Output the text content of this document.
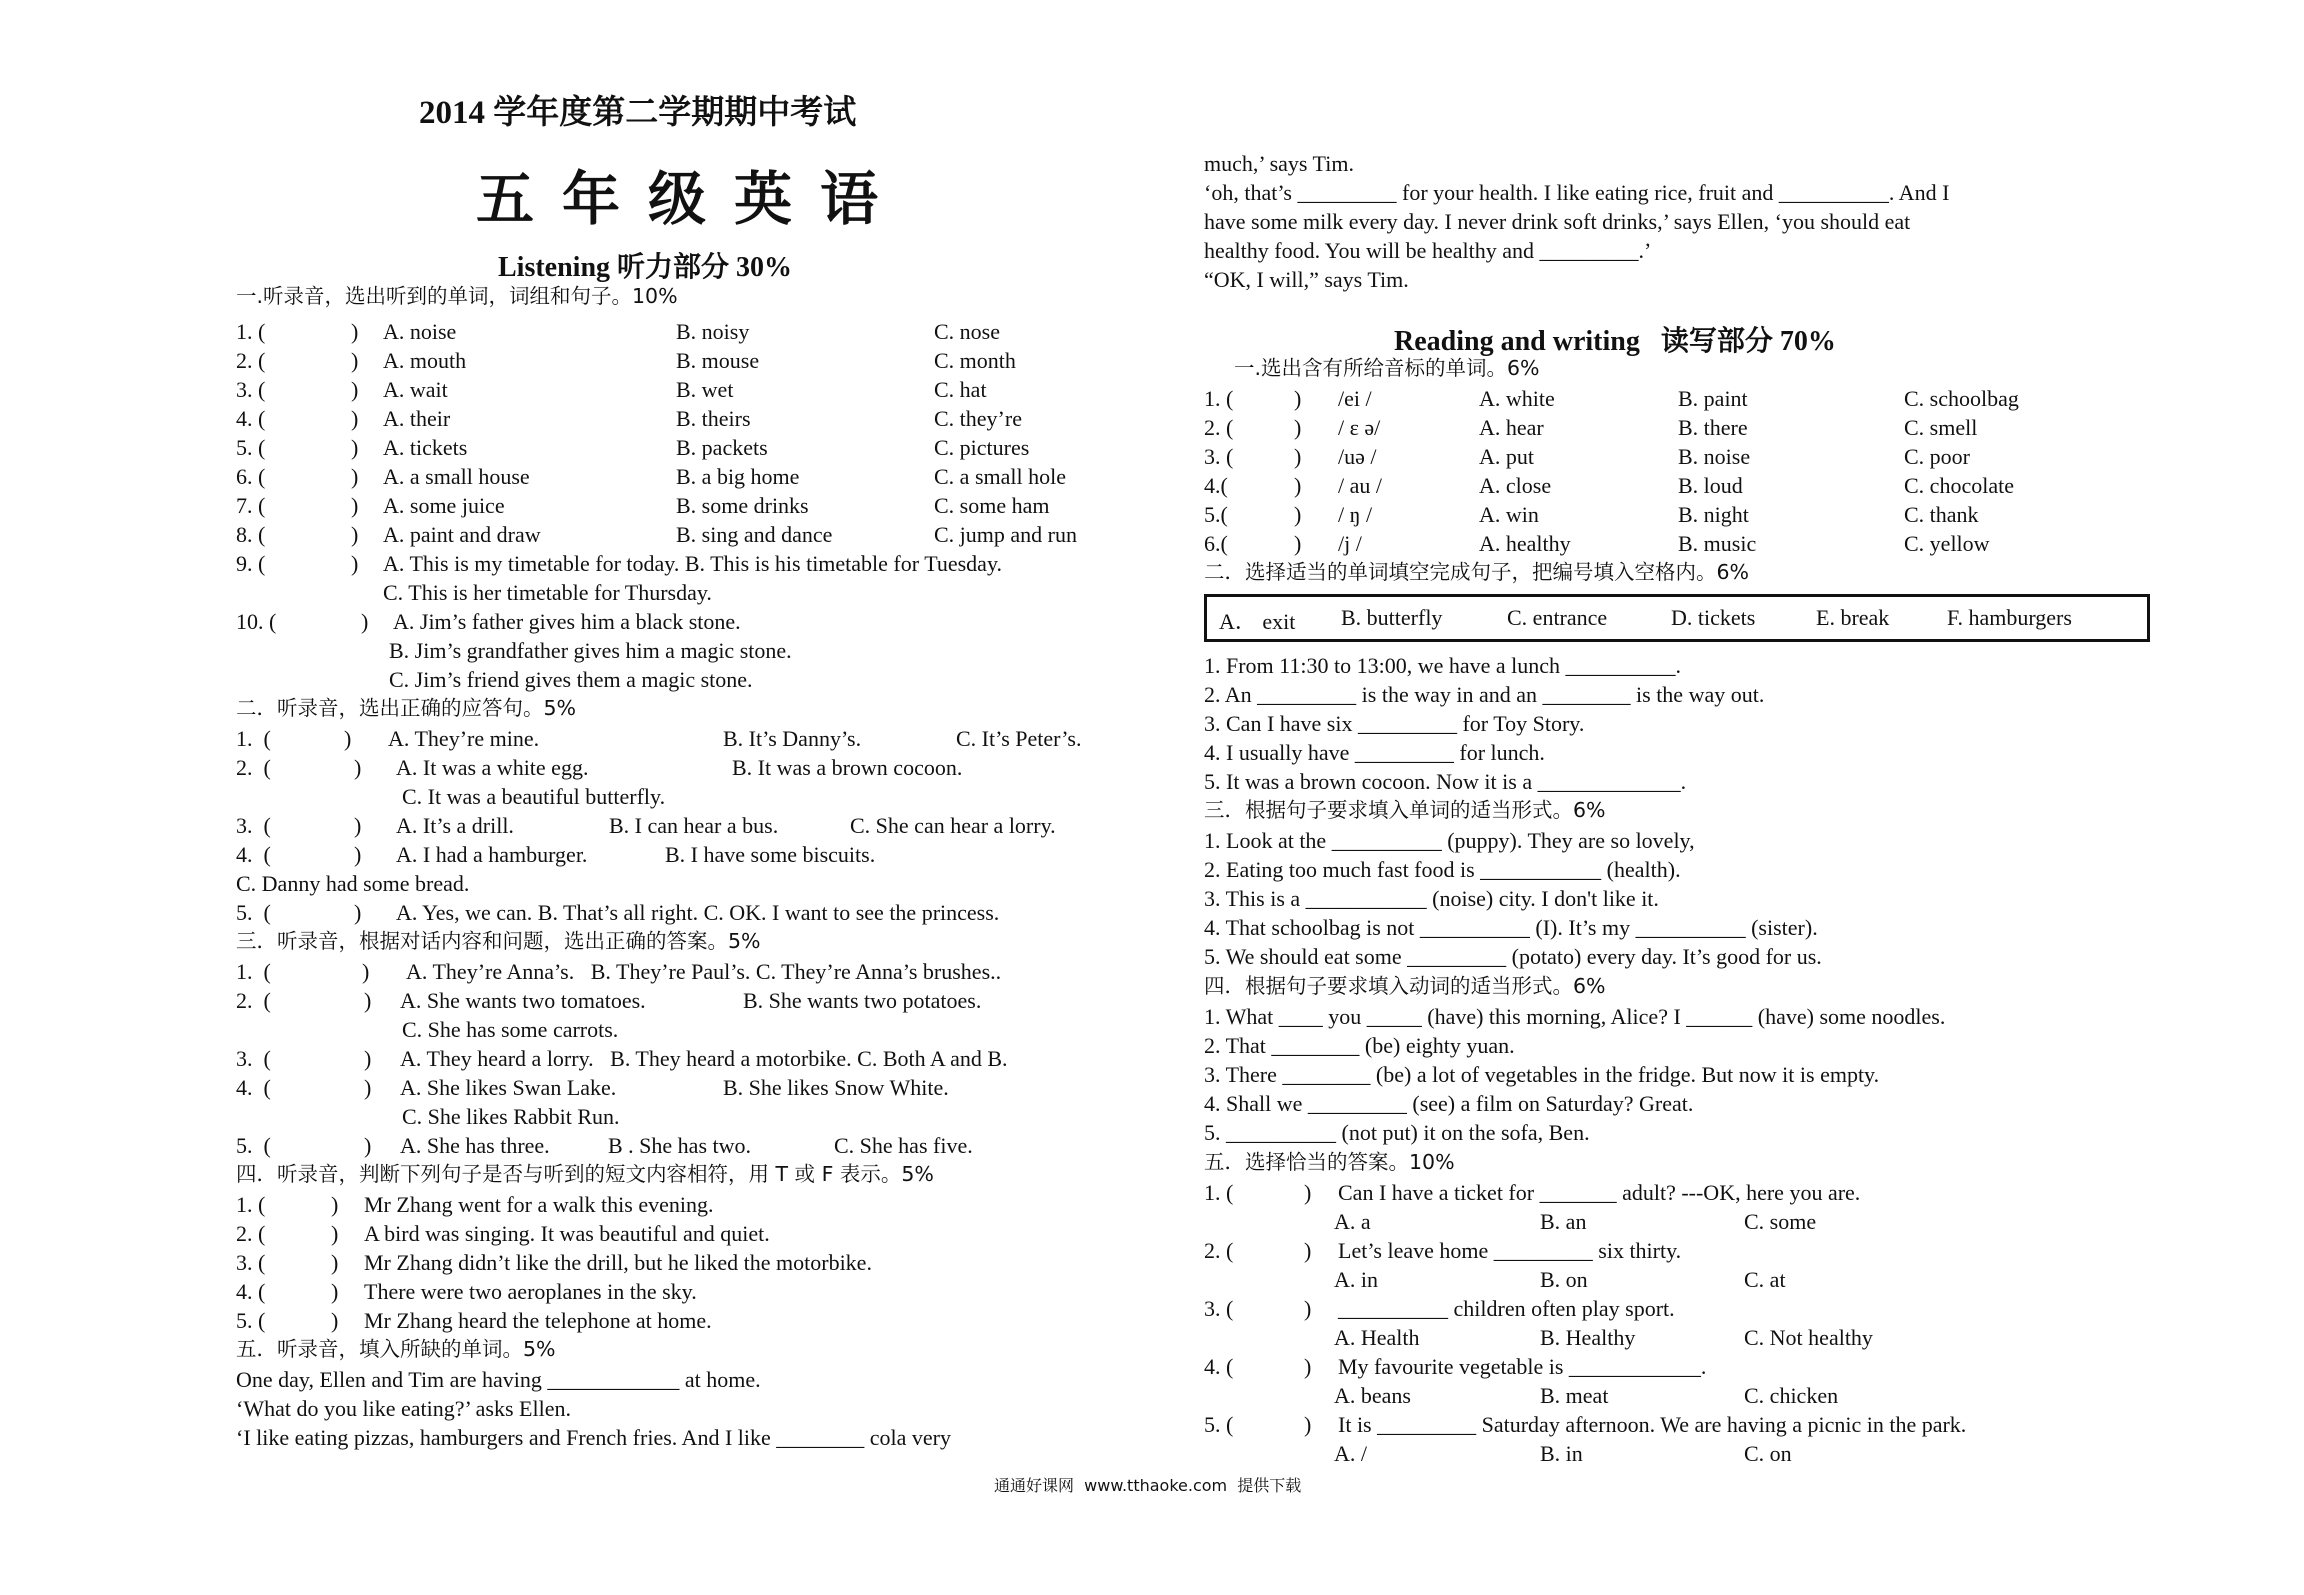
2014 学年度第二学期期中考试
五年级英语
Listening 听力部分 30%
一.听录音，选出听到的单词，词组和句子。10%
1. (	) A. noise	B. noisy	C. nose
2. (	) A. mouth	B. mouse	C. month
3. (	) A. wait	B. wet	C. hat
4. (	) A. their	B. theirs	C. they’re
5. (	) A. tickets	B. packets	C. pictures
6. (	) A. a small house	B. a big home	C. a small hole
7. (	) A. some juice	B. some drinks	C. some ham
8. (	) A. paint and draw	B. sing and dance	C. jump and run

9. (	)

A. This is my timetable for today. B. This is his timetable for Tuesday.

C. This is her timetable for Thursday.

10. (	)

A. Jim’s father gives him a black stone.

B. Jim’s grandfather gives him a magic stone.
C. Jim’s friend gives them a magic stone.
二．听录音，选出正确的应答句。5%

1.  (	)

A. They’re mine.

	B. It’s Danny’s.

	C. It’s Peter’s.

2.  (	)

A. It was a white egg.

	B. It was a brown cocoon.

C. It was a beautiful butterfly.

3.  (	)

A. It’s a drill.

	B. I can hear a bus.

	C. She can hear a lorry.

4.  (	)

A. I had a hamburger.

	B. I have some biscuits.

C. Danny had some bread.

5.  (	)

A. Yes, we can. B. That’s all right. C. OK. I want to see the princess.

三．听录音，根据对话内容和问题，选出正确的答案。5%

1.  (	)

A. They’re Anna’s.   B. They’re Paul’s. C. They’re Anna’s brushes..

2.  (	)

A. She wants two tomatoes.

	B. She wants two potatoes.

C. She has some carrots.

3.  (	)

A. They heard a lorry.   B. They heard a motorbike. C. Both A and B.

4.  (	)

A. She likes Swan Lake.

	B. She likes Snow White.

C. She likes Rabbit Run.

5.  (	)

A. She has three.

	B . She has two.

	C. She has five.

四．听录音，判断下列句子是否与听到的短文内容相符，用 T 或 F 表示。5%
1. (	) Mr Zhang went for a walk this evening.
2. (	) A bird was singing. It was beautiful and quiet.
3. (	) Mr Zhang didn’t like the drill, but he liked the motorbike.
4. (	) There were two aeroplanes in the sky.
5. (	) Mr Zhang heard the telephone at home.
五．听录音，填入所缺的单词。5%
One day, Ellen and Tim are having ____________ at home.
‘What do you like eating?’ asks Ellen.
‘I like eating pizzas, hamburgers and French fries. And I like ________ cola very
much,’ says Tim.
‘oh, that’s _________ for your health. I like eating rice, fruit and __________. And I
have some milk every day. I never drink soft drinks,’ says Ellen, ‘you should eat
healthy food. You will be healthy and _________.’
“OK, I will,” says Tim.
Reading and writing   读写部分 70%
一.选出含有所给音标的单词。6%
1. (	) /ei /	A. white	B. paint	C. schoolbag
2. (	) / ɛ ə/	A. hear	B. there	C. smell
3. (	) /uə /	A. put	B. noise	C. poor
4.(	) / au /	A. close	B. loud	C. chocolate
5.(	) / ŋ /	A. win	B. night	C. thank
6.(	) /j /	A. healthy	B. music	C. yellow
二．选择适当的单词填空完成句子，把编号填入空格内。6%
A． exit B. butterfly	C. entrance	D. tickets	E. break	F. hamburgers
1. From 11:30 to 13:00, we have a lunch __________.
2. An _________ is the way in and an ________ is the way out.
3. Can I have six _________ for Toy Story.
4. I usually have _________ for lunch.
5. It was a brown cocoon. Now it is a _____________.
三．根据句子要求填入单词的适当形式。6%
1. Look at the __________ (puppy). They are so lovely,
2. Eating too much fast food is ___________ (health).
3. This is a ___________ (noise) city. I don't like it.
4. That schoolbag is not __________ (I). It’s my __________ (sister).
5. We should eat some _________ (potato) every day. It’s good for us.
四．根据句子要求填入动词的适当形式。6%
1. What ____ you _____ (have) this morning, Alice? I ______ (have) some noodles.
2. That ________ (be) eighty yuan.
3. There ________ (be) a lot of vegetables in the fridge. But now it is empty.
4. Shall we _________ (see) a film on Saturday? Great.
5. __________ (not put) it on the sofa, Ben.
五．选择恰当的答案。10%
1. (	) Can I have a ticket for _______ adult? ---OK, here you are.
A. a	B. an	C. some
2. (	) Let’s leave home _________ six thirty.
A. in	B. on	C. at
3. (	) __________ children often play sport.
A. Health	B. Healthy	C. Not healthy
4. (	) My favourite vegetable is ____________.
A. beans	B. meat	C. chicken
5. (	) It is _________ Saturday afternoon. We are having a picnic in the park.
A. /	B. in	C. on
通通好课网  www.tthaoke.com  提供下载
